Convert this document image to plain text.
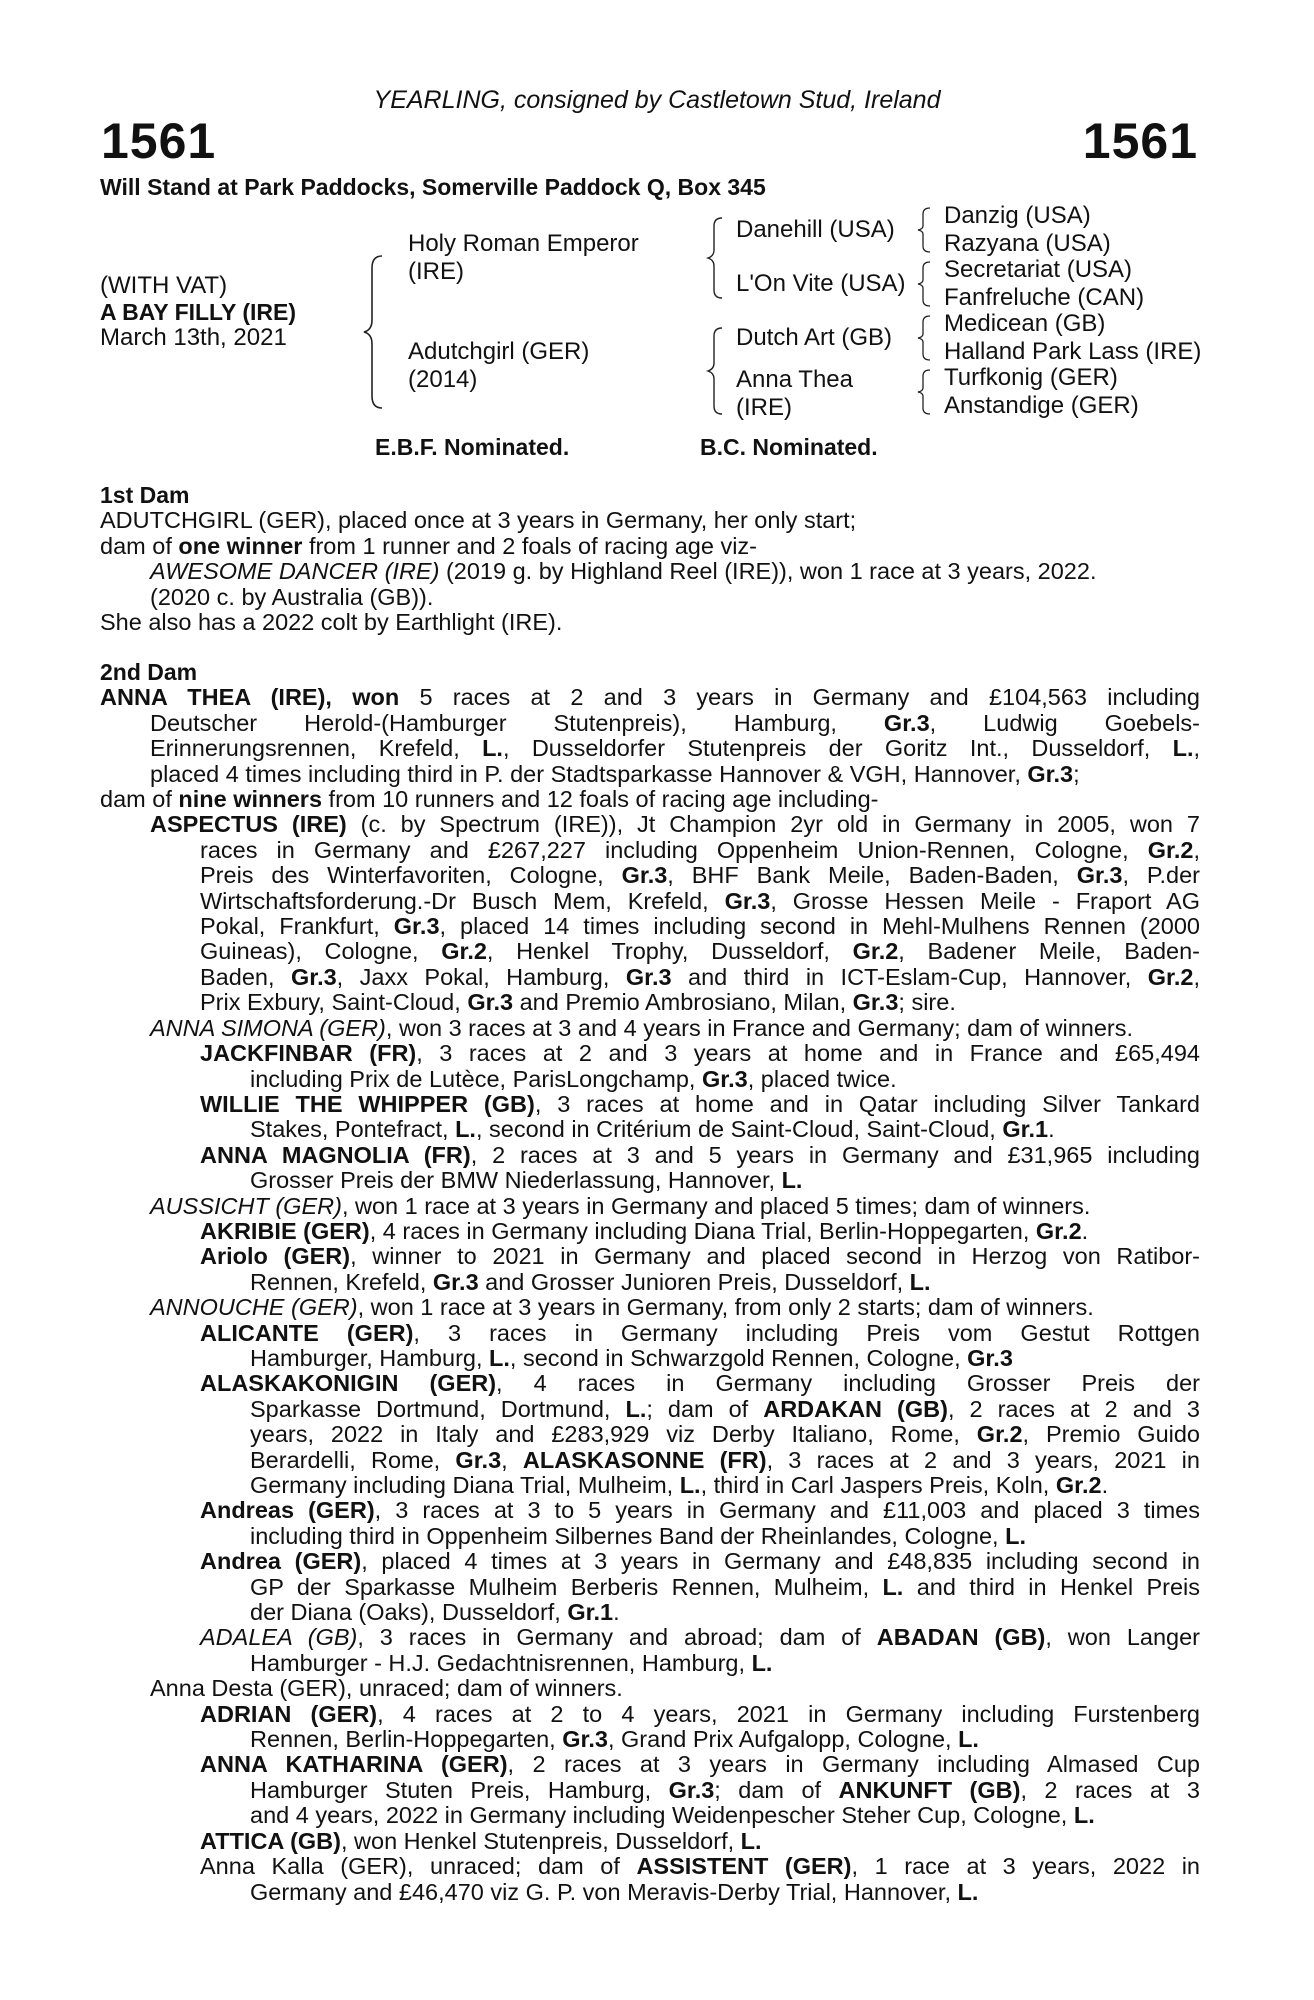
YEARLING, consigned by Castletown Stud, Ireland
1561	1561
Will Stand at Park Paddocks, Somerville Paddock Q, Box 345
(WITH VAT)
A BAY FILLY (IRE)
March 13th, 2021
Holy Roman Emperor
(IRE)
Adutchgirl (GER)
(2014)
Danehill (USA)
L'On Vite (USA)
Dutch Art (GB)
Anna Thea
(IRE)
Danzig (USA)
Razyana (USA)
Secretariat (USA)
Fanfreluche (CAN)
Medicean (GB)
Halland Park Lass (IRE)
Turfkonig (GER)
Anstandige (GER)
E.B.F. Nominated.	B.C. Nominated.
1st Dam
ADUTCHGIRL (GER), placed once at 3 years in Germany, her only start;
dam of one winner from 1 runner and 2 foals of racing age viz-
AWESOME DANCER (IRE) (2019 g. by Highland Reel (IRE)), won 1 race at 3 years, 2022.
(2020 c. by Australia (GB)).
She also has a 2022 colt by Earthlight (IRE).
2nd Dam
ANNA THEA (IRE), won 5 races at 2 and 3 years in Germany and £104,563 including
Deutscher Herold-(Hamburger Stutenpreis), Hamburg, Gr.3, Ludwig Goebels-
Erinnerungsrennen, Krefeld, L., Dusseldorfer Stutenpreis der Goritz Int., Dusseldorf, L.,
placed 4 times including third in P. der Stadtsparkasse Hannover & VGH, Hannover, Gr.3;
dam of nine winners from 10 runners and 12 foals of racing age including-
ASPECTUS (IRE) (c. by Spectrum (IRE)), Jt Champion 2yr old in Germany in 2005, won 7
races in Germany and £267,227 including Oppenheim Union-Rennen, Cologne, Gr.2,
Preis des Winterfavoriten, Cologne, Gr.3, BHF Bank Meile, Baden-Baden, Gr.3, P.der
Wirtschaftsforderung.-Dr Busch Mem, Krefeld, Gr.3, Grosse Hessen Meile - Fraport AG
Pokal, Frankfurt, Gr.3, placed 14 times including second in Mehl-Mulhens Rennen (2000
Guineas), Cologne, Gr.2, Henkel Trophy, Dusseldorf, Gr.2, Badener Meile, Baden-
Baden, Gr.3, Jaxx Pokal, Hamburg, Gr.3 and third in ICT-Eslam-Cup, Hannover, Gr.2,
Prix Exbury, Saint-Cloud, Gr.3 and Premio Ambrosiano, Milan, Gr.3; sire.
ANNA SIMONA (GER), won 3 races at 3 and 4 years in France and Germany; dam of winners.
JACKFINBAR (FR), 3 races at 2 and 3 years at home and in France and £65,494
including Prix de Lutèce, ParisLongchamp, Gr.3, placed twice.
WILLIE THE WHIPPER (GB), 3 races at home and in Qatar including Silver Tankard
Stakes, Pontefract, L., second in Critérium de Saint-Cloud, Saint-Cloud, Gr.1.
ANNA MAGNOLIA (FR), 2 races at 3 and 5 years in Germany and £31,965 including
Grosser Preis der BMW Niederlassung, Hannover, L.
AUSSICHT (GER), won 1 race at 3 years in Germany and placed 5 times; dam of winners.
AKRIBIE (GER), 4 races in Germany including Diana Trial, Berlin-Hoppegarten, Gr.2.
Ariolo (GER), winner to 2021 in Germany and placed second in Herzog von Ratibor-
Rennen, Krefeld, Gr.3 and Grosser Junioren Preis, Dusseldorf, L.
ANNOUCHE (GER), won 1 race at 3 years in Germany, from only 2 starts; dam of winners.
ALICANTE (GER), 3 races in Germany including Preis vom Gestut Rottgen
Hamburger, Hamburg, L., second in Schwarzgold Rennen, Cologne, Gr.3
ALASKAKONIGIN (GER), 4 races in Germany including Grosser Preis der
Sparkasse Dortmund, Dortmund, L.; dam of ARDAKAN (GB), 2 races at 2 and 3
years, 2022 in Italy and £283,929 viz Derby Italiano, Rome, Gr.2, Premio Guido
Berardelli, Rome, Gr.3, ALASKASONNE (FR), 3 races at 2 and 3 years, 2021 in
Germany including Diana Trial, Mulheim, L., third in Carl Jaspers Preis, Koln, Gr.2.
Andreas (GER), 3 races at 3 to 5 years in Germany and £11,003 and placed 3 times
including third in Oppenheim Silbernes Band der Rheinlandes, Cologne, L.
Andrea (GER), placed 4 times at 3 years in Germany and £48,835 including second in
GP der Sparkasse Mulheim Berberis Rennen, Mulheim, L. and third in Henkel Preis
der Diana (Oaks), Dusseldorf, Gr.1.
ADALEA (GB), 3 races in Germany and abroad; dam of ABADAN (GB), won Langer
Hamburger - H.J. Gedachtnisrennen, Hamburg, L.
Anna Desta (GER), unraced; dam of winners.
ADRIAN (GER), 4 races at 2 to 4 years, 2021 in Germany including Furstenberg
Rennen, Berlin-Hoppegarten, Gr.3, Grand Prix Aufgalopp, Cologne, L.
ANNA KATHARINA (GER), 2 races at 3 years in Germany including Almased Cup
Hamburger Stuten Preis, Hamburg, Gr.3; dam of ANKUNFT (GB), 2 races at 3
and 4 years, 2022 in Germany including Weidenpescher Steher Cup, Cologne, L.
ATTICA (GB), won Henkel Stutenpreis, Dusseldorf, L.
Anna Kalla (GER), unraced; dam of ASSISTENT (GER), 1 race at 3 years, 2022 in
Germany and £46,470 viz G. P. von Meravis-Derby Trial, Hannover, L.
